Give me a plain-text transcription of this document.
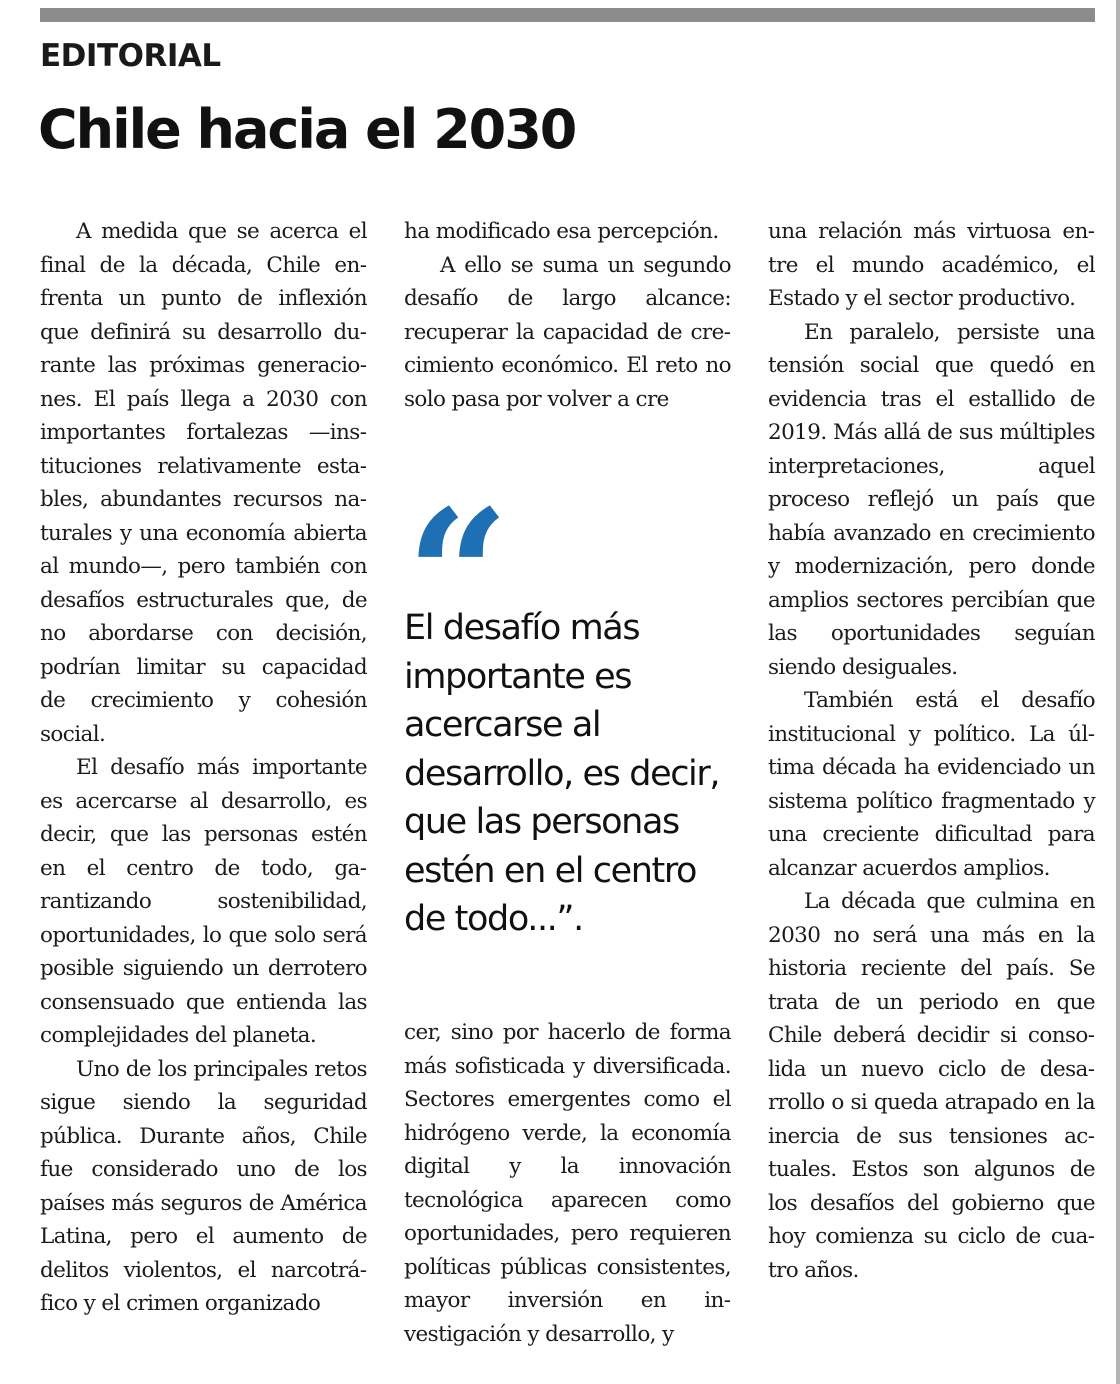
EDITORIAL
Chile hacia el 2030

A medida que se acerca el final de la década, Chile enfrenta un punto de inflexión que definirá su desarrollo durante las próximas generaciones. El país llega a 2030 con importantes fortalezas —instituciones relativamente estables, abundantes recursos naturales y una economía abierta al mundo—, pero también con desafíos estructurales que, de no abordarse con decisión, podrían limitar su capacidad de crecimiento y cohesión social.

El desafío más importante es acercarse al desarrollo, es decir, que las personas estén en el centro de todo, garantizando sostenibilidad, oportunidades, lo que solo será posible siguiendo un derrotero consensuado que entienda las complejidades del planeta.

Uno de los principales retos sigue siendo la seguridad pública. Durante años, Chile fue considerado uno de los países más seguros de América Latina, pero el aumento de delitos violentos, el narcotráfico y el crimen organizado

ha modificado esa percepción.

A ello se suma un segundo desafío de largo alcance: recuperar la capacidad de crecimiento económico. El reto no solo pasa por volver a cre

El desafío más importante es acercarse al desarrollo, es decir, que las personas estén en el centro de todo...”.

cer, sino por hacerlo de forma más sofisticada y diversificada. Sectores emergentes como el hidrógeno verde, la economía digital y la innovación tecnológica aparecen como oportunidades, pero requieren políticas públicas consistentes, mayor inversión en investigación y desarrollo, y

una relación más virtuosa entre el mundo académico, el Estado y el sector productivo.

En paralelo, persiste una tensión social que quedó en evidencia tras el estallido de 2019. Más allá de sus múltiples interpretaciones, aquel proceso reflejó un país que había avanzado en crecimiento y modernización, pero donde amplios sectores percibían que las oportunidades seguían siendo desiguales.

También está el desafío institucional y político. La última década ha evidenciado un sistema político fragmentado y una creciente dificultad para alcanzar acuerdos amplios.

La década que culmina en 2030 no será una más en la historia reciente del país. Se trata de un periodo en que Chile deberá decidir si consolida un nuevo ciclo de desarrollo o si queda atrapado en la inercia de sus tensiones actuales. Estos son algunos de los desafíos del gobierno que hoy comienza su ciclo de cuatro años.
